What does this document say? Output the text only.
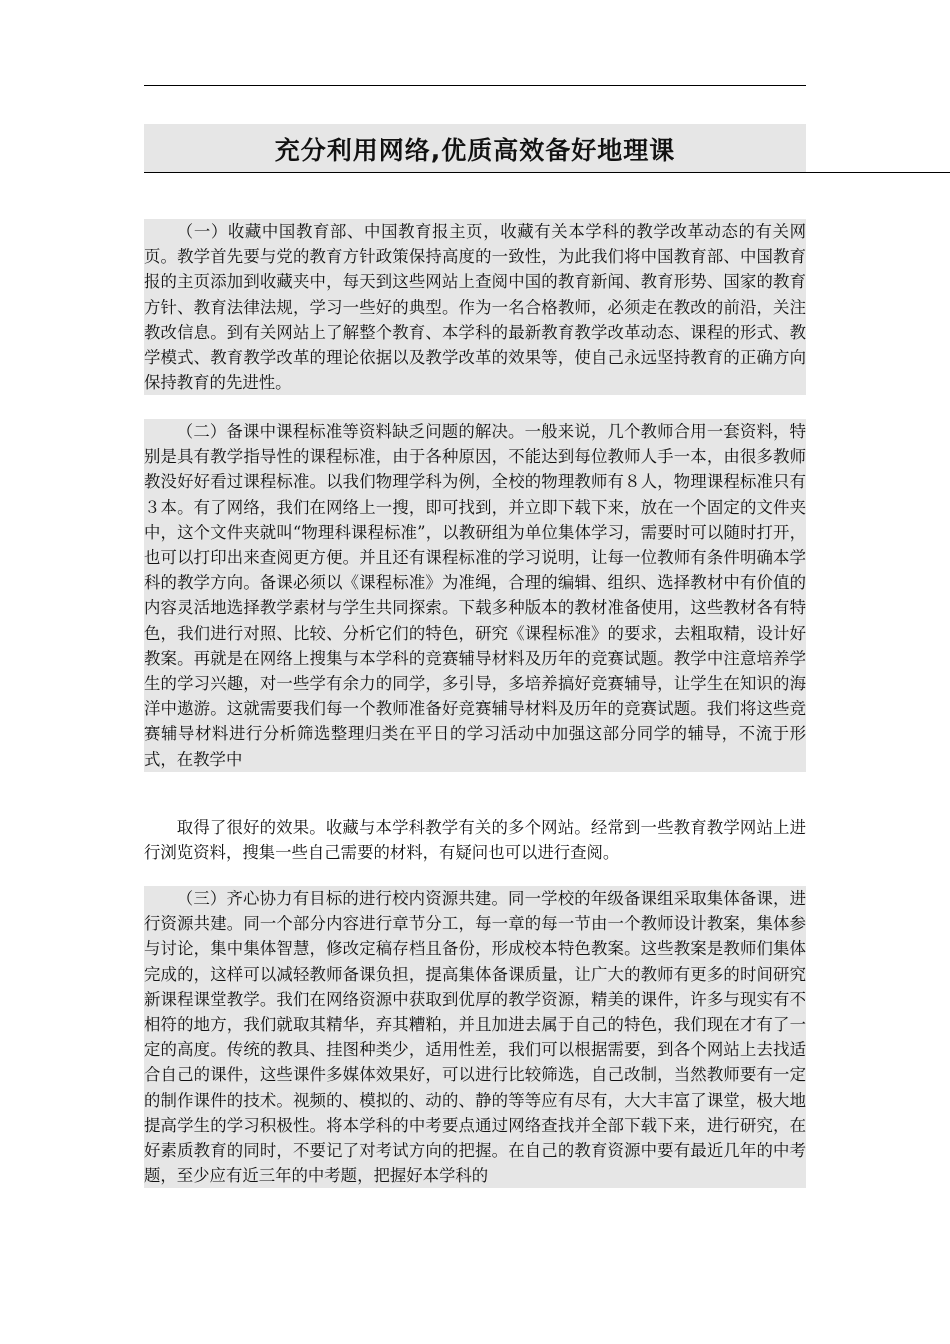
充分利用网络,优质高效备好地理课
（一）收藏中国教育部、中国教育报主页，收藏有关本学科的教学改革动态的有关网页。教学首先要与党的教育方针政策保持高度的一致性，为此我们将中国教育部、中国教育报的主页添加到收藏夹中，每天到这些网站上查阅中国的教育新闻、教育形势、国家的教育方针、教育法律法规，学习一些好的典型。作为一名合格教师，必须走在教改的前沿，关注教改信息。到有关网站上了解整个教育、本学科的最新教育教学改革动态、课程的形式、教学模式、教育教学改革的理论依据以及教学改革的效果等，使自己永远坚持教育的正确方向保持教育的先进性。
（二）备课中课程标准等资料缺乏问题的解决。一般来说，几个教师合用一套资料，特别是具有教学指导性的课程标准，由于各种原因，不能达到每位教师人手一本，由很多教师教没好好看过课程标准。以我们物理学科为例，全校的物理教师有８人，物理课程标准只有３本。有了网络，我们在网络上一搜，即可找到，并立即下载下来，放在一个固定的文件夹中，这个文件夹就叫“物理科课程标准”，以教研组为单位集体学习，需要时可以随时打开，也可以打印出来查阅更方便。并且还有课程标准的学习说明，让每一位教师有条件明确本学科的教学方向。备课必须以《课程标准》为准绳，合理的编辑、组织、选择教材中有价值的内容灵活地选择教学素材与学生共同探索。下载多种版本的教材准备使用，这些教材各有特色，我们进行对照、比较、分析它们的特色，研究《课程标准》的要求，去粗取精，设计好教案。再就是在网络上搜集与本学科的竞赛辅导材料及历年的竞赛试题。教学中注意培养学生的学习兴趣，对一些学有余力的同学，多引导，多培养搞好竞赛辅导，让学生在知识的海洋中遨游。这就需要我们每一个教师准备好竞赛辅导材料及历年的竞赛试题。我们将这些竞赛辅导材料进行分析筛选整理归类在平日的学习活动中加强这部分同学的辅导，不流于形式，在教学中
取得了很好的效果。收藏与本学科教学有关的多个网站。经常到一些教育教学网站上进行浏览资料，搜集一些自己需要的材料，有疑问也可以进行查阅。
（三）齐心协力有目标的进行校内资源共建。同一学校的年级备课组采取集体备课，进行资源共建。同一个部分内容进行章节分工，每一章的每一节由一个教师设计教案，集体参与讨论，集中集体智慧，修改定稿存档且备份，形成校本特色教案。这些教案是教师们集体完成的，这样可以减轻教师备课负担，提高集体备课质量，让广大的教师有更多的时间研究新课程课堂教学。我们在网络资源中获取到优厚的教学资源，精美的课件，许多与现实有不相符的地方，我们就取其精华，弃其糟粕，并且加进去属于自己的特色，我们现在才有了一定的高度。传统的教具、挂图种类少，适用性差，我们可以根据需要，到各个网站上去找适合自己的课件，这些课件多媒体效果好，可以进行比较筛选，自己改制，当然教师要有一定的制作课件的技术。视频的、模拟的、动的、静的等等应有尽有，大大丰富了课堂，极大地提高学生的学习积极性。将本学科的中考要点通过网络查找并全部下载下来，进行研究，在好素质教育的同时，不要记了对考试方向的把握。在自己的教育资源中要有最近几年的中考题，至少应有近三年的中考题，把握好本学科的
